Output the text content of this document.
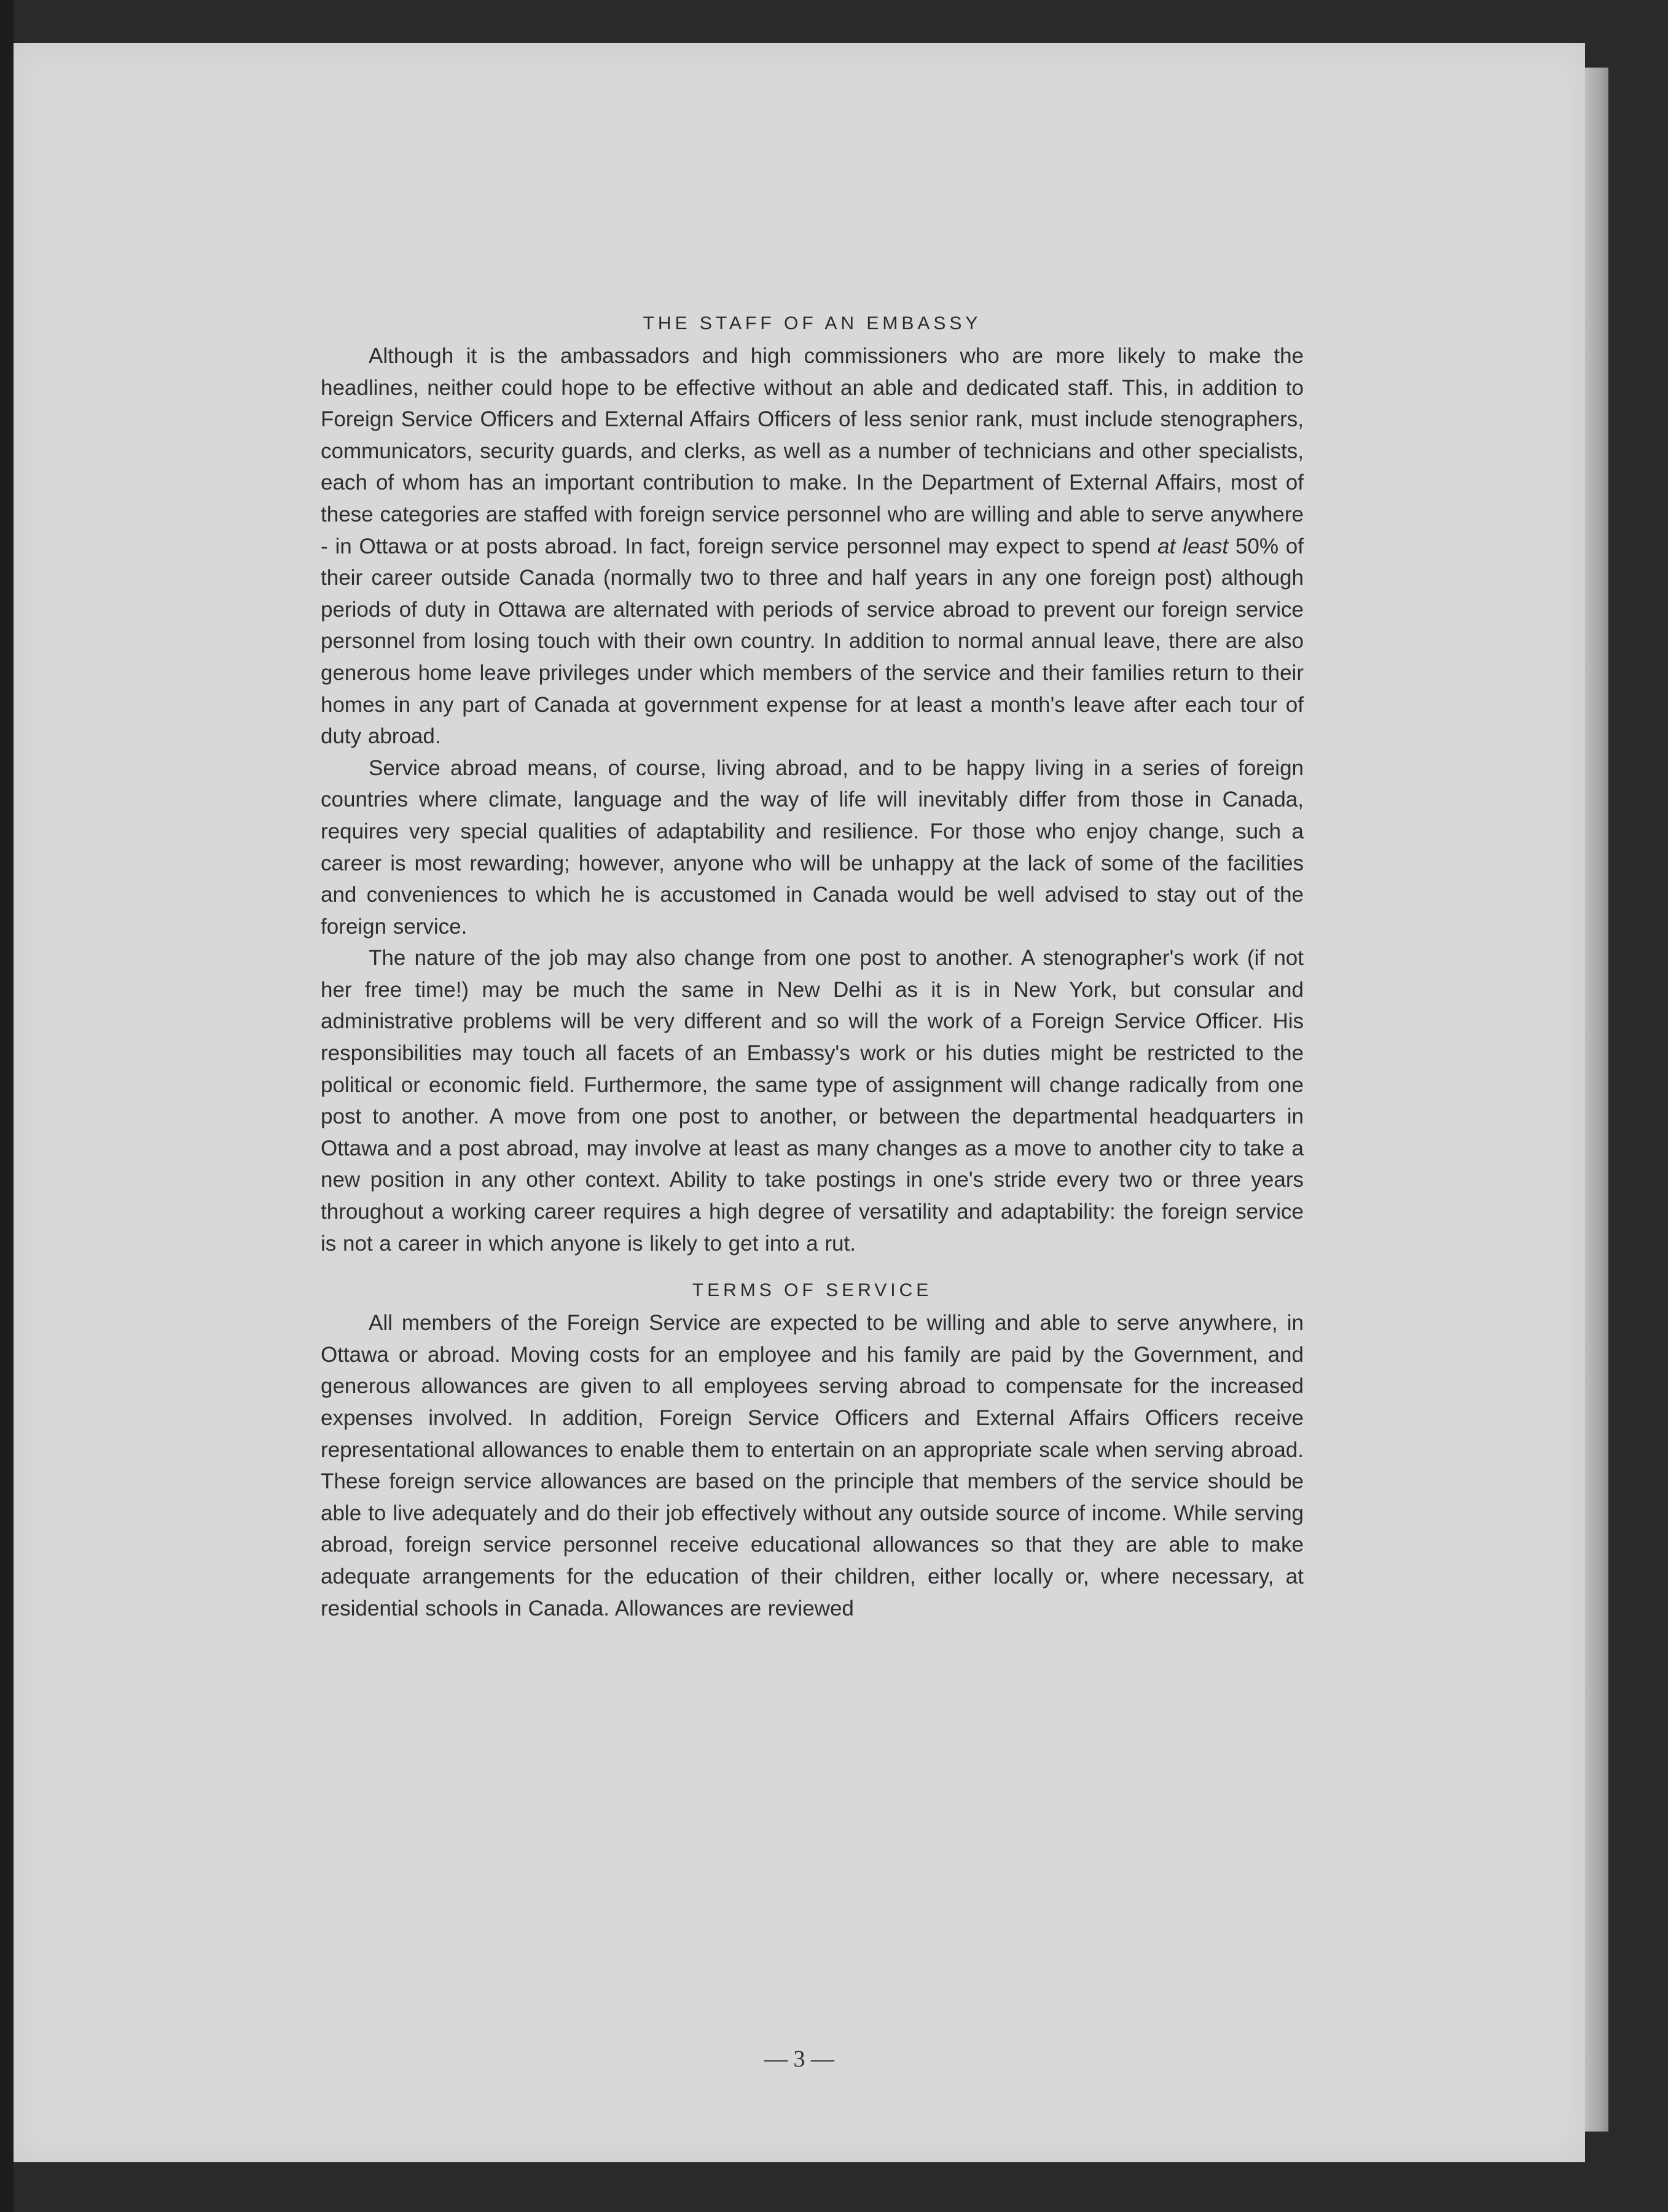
THE STAFF OF AN EMBASSY

Although it is the ambassadors and high commissioners who are more likely to make the headlines, neither could hope to be effective without an able and dedicated staff. This, in addition to Foreign Service Officers and External Affairs Officers of less senior rank, must include stenographers, communicators, security guards, and clerks, as well as a number of technicians and other specialists, each of whom has an important contribution to make. In the Department of External Affairs, most of these categories are staffed with foreign service personnel who are willing and able to serve anywhere - in Ottawa or at posts abroad. In fact, foreign service personnel may expect to spend at least 50% of their career outside Canada (normally two to three and half years in any one foreign post) although periods of duty in Ottawa are alternated with periods of service abroad to prevent our foreign service personnel from losing touch with their own country. In addition to normal annual leave, there are also generous home leave privileges under which members of the service and their families return to their homes in any part of Canada at government expense for at least a month's leave after each tour of duty abroad.

Service abroad means, of course, living abroad, and to be happy living in a series of foreign countries where climate, language and the way of life will inevitably differ from those in Canada, requires very special qualities of adaptability and resilience. For those who enjoy change, such a career is most rewarding; however, anyone who will be unhappy at the lack of some of the facilities and conveniences to which he is accustomed in Canada would be well advised to stay out of the foreign service.

The nature of the job may also change from one post to another. A stenographer's work (if not her free time!) may be much the same in New Delhi as it is in New York, but consular and administrative problems will be very different and so will the work of a Foreign Service Officer. His responsibilities may touch all facets of an Embassy's work or his duties might be restricted to the political or economic field. Furthermore, the same type of assignment will change radically from one post to another. A move from one post to another, or between the departmental headquarters in Ottawa and a post abroad, may involve at least as many changes as a move to another city to take a new position in any other context. Ability to take postings in one's stride every two or three years throughout a working career requires a high degree of versatility and adaptability: the foreign service is not a career in which anyone is likely to get into a rut.

TERMS OF SERVICE

All members of the Foreign Service are expected to be willing and able to serve anywhere, in Ottawa or abroad. Moving costs for an employee and his family are paid by the Government, and generous allowances are given to all employees serving abroad to compensate for the increased expenses involved. In addition, Foreign Service Officers and External Affairs Officers receive representational allowances to enable them to entertain on an appropriate scale when serving abroad. These foreign service allowances are based on the principle that members of the service should be able to live adequately and do their job effectively without any outside source of income. While serving abroad, foreign service personnel receive educational allowances so that they are able to make adequate arrangements for the education of their children, either locally or, where necessary, at residential schools in Canada. Allowances are reviewed

— 3 —
